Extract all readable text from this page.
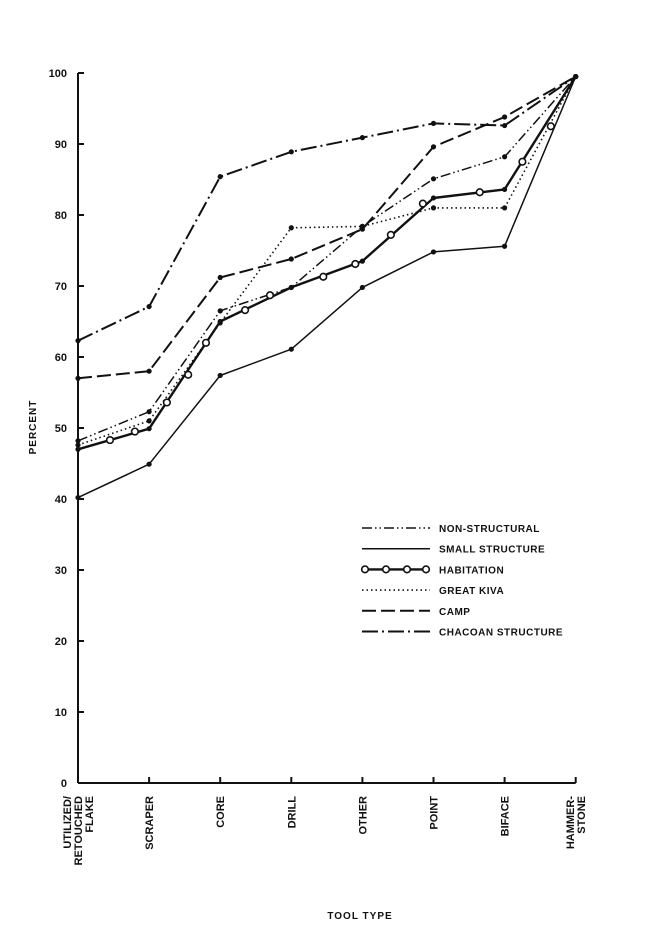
0
10
20
30
40
50
60
70
80
90
100
UTILIZED/ RETOUCHED FLAKE	SCRAPER	CORE	DRILL	OTHER	POINT	BIFACE	HAMMER- STONE
NON-STRUCTURAL
SMALL STRUCTURE
HABITATION
GREAT KIVA
CAMP
CHACOAN STRUCTURE
PERCENT
TOOL TYPE
